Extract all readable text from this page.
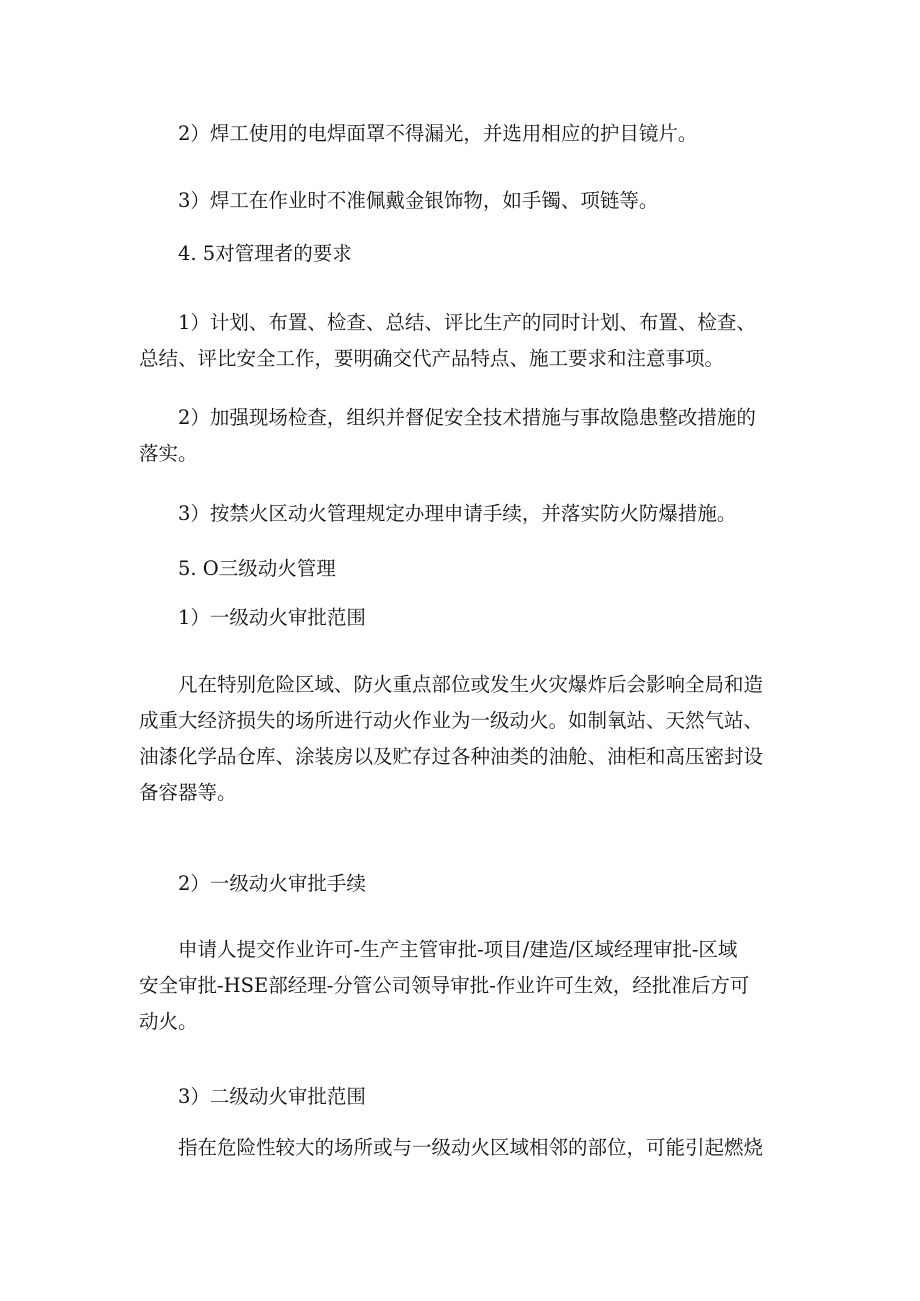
2）焊工使用的电焊面罩不得漏光，并选用相应的护目镜片。
3）焊工在作业时不准佩戴金银饰物，如手镯、项链等。
4. 5对管理者的要求
1）计划、布置、检查、总结、评比生产的同时计划、布置、检查、
总结、评比安全工作，要明确交代产品特点、施工要求和注意事项。
2）加强现场检查，组织并督促安全技术措施与事故隐患整改措施的
落实。
3）按禁火区动火管理规定办理申请手续，并落实防火防爆措施。
5. O三级动火管理
1）一级动火审批范围
凡在特别危险区域、防火重点部位或发生火灾爆炸后会影响全局和造
成重大经济损失的场所进行动火作业为一级动火。如制氧站、天然气站、
油漆化学品仓库、涂装房以及贮存过各种油类的油舱、油柜和高压密封设
备容器等。
2）一级动火审批手续
申请人提交作业许可-生产主管审批-项目/建造/区域经理审批-区域
安全审批-HSE部经理-分管公司领导审批-作业许可生效，经批准后方可
动火。
3）二级动火审批范围
指在危险性较大的场所或与一级动火区域相邻的部位，可能引起燃烧
